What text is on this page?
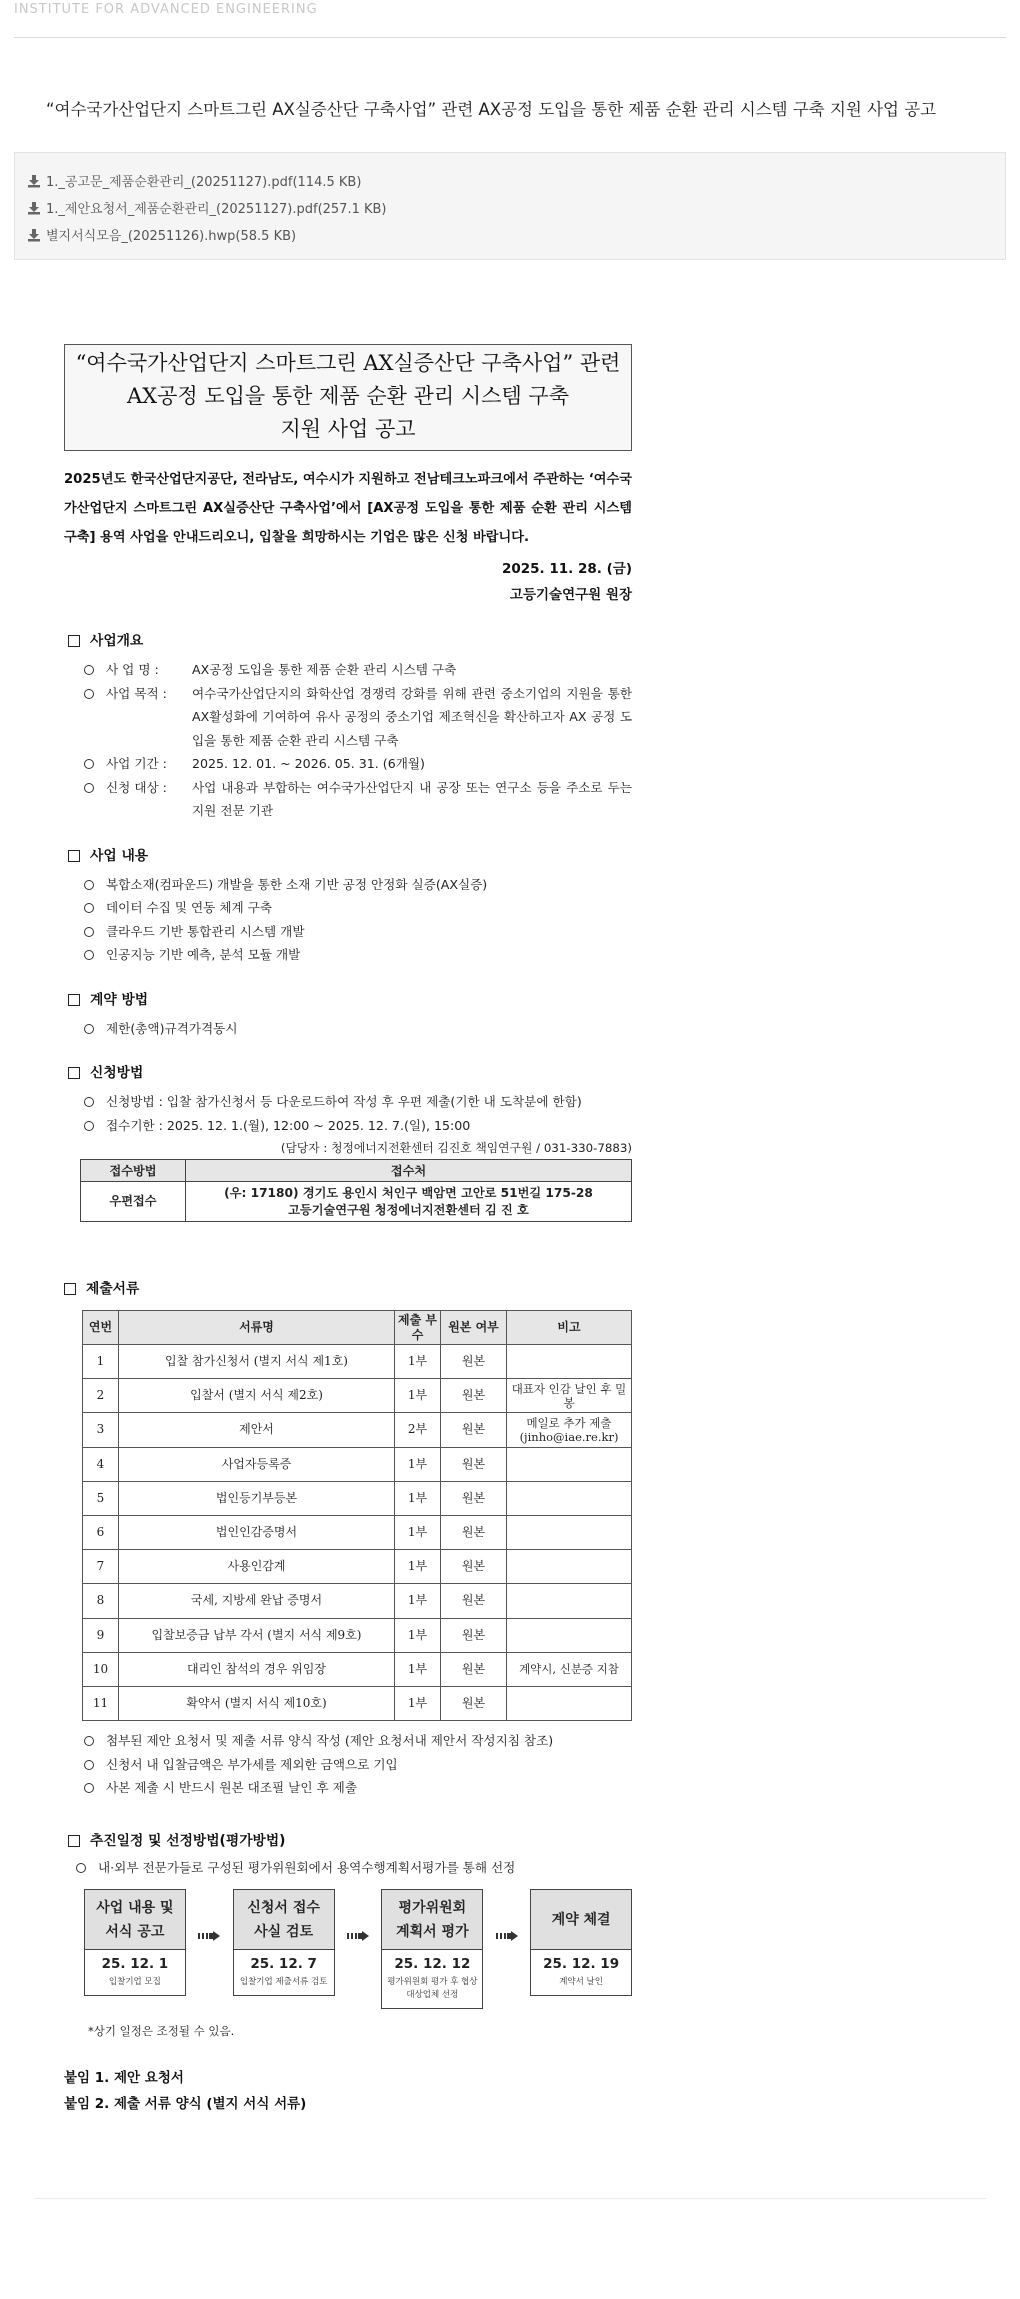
INSTITUTE FOR ADVANCED ENGINEERING
“여수국가산업단지 스마트그린 AX실증산단 구축사업” 관련 AX공정 도입을 통한 제품 순환 관리 시스템 구축 지원 사업 공고
1._공고문_제품순환관리_(20251127).pdf(114.5 KB)
1._제안요청서_제품순환관리_(20251127).pdf(257.1 KB)
별지서식모음_(20251126).hwp(58.5 KB)
“여수국가산업단지 스마트그린 AX실증산단 구축사업” 관련
AX공정 도입을 통한 제품 순환 관리 시스템 구축
지원 사업 공고
2025년도 한국산업단지공단, 전라남도, 여수시가 지원하고 전남테크노파크에서 주관하는 ‘여수국가산업단지 스마트그린 AX실증산단 구축사업’에서 [AX공정 도입을 통한 제품 순환 관리 시스템 구축] 용역 사업을 안내드리오니, 입찰을 희망하시는 기업은 많은 신청 바랍니다.
2025. 11. 28. (금)
고등기술연구원 원장
사업개요
사 업 명 :	AX공정 도입을 통한 제품 순환 관리 시스템 구축
사업 목적 :	여수국가산업단지의 화학산업 경쟁력 강화를 위해 관련 중소기업의 지원을 통한 AX활성화에 기여하여 유사 공정의 중소기업 제조혁신을 확산하고자 AX 공정 도입을 통한 제품 순환 관리 시스템 구축
사업 기간 :	2025. 12. 01. ~ 2026. 05. 31. (6개월)
신청 대상 :	사업 내용과 부합하는 여수국가산업단지 내 공장 또는 연구소 등을 주소로 두는 지원 전문 기관
사업 내용
복합소재(컴파운드) 개발을 통한 소재 기반 공정 안정화 실증(AX실증)
데이터 수집 및 연동 체계 구축
클라우드 기반 통합관리 시스템 개발
인공지능 기반 예측, 분석 모듈 개발
계약 방법
제한(총액)규격가격동시
신청방법
신청방법 : 입찰 참가신청서 등 다운로드하여 작성 후 우편 제출(기한 내 도착분에 한함)
접수기한 : 2025. 12. 1.(월), 12:00 ~ 2025. 12. 7.(일), 15:00
(담당자 : 청정에너지전환센터 김진호 책임연구원 / 031-330-7883)
접수방법	접수처
우편접수	(우: 17180) 경기도 용인시 처인구 백암면 고안로 51번길 175-28
고등기술연구원 청정에너지전환센터 김 진 호
제출서류
연번	서류명	제출 부수	원본 여부	비고
1	입찰 참가신청서 (별지 서식 제1호)	1부	원본	
2	입찰서 (별지 서식 제2호)	1부	원본	대표자 인감 날인 후 밀봉
3	제안서	2부	원본	메일로 추가 제출 (jinho@iae.re.kr)
4	사업자등록증	1부	원본	
5	법인등기부등본	1부	원본	
6	법인인감증명서	1부	원본	
7	사용인감계	1부	원본	
8	국세, 지방세 완납 증명서	1부	원본	
9	입찰보증금 납부 각서 (별지 서식 제9호)	1부	원본	
10	대리인 참석의 경우 위임장	1부	원본	계약시, 신분증 지참
11	확약서 (별지 서식 제10호)	1부	원본	
첨부된 제안 요청서 및 제출 서류 양식 작성 (제안 요청서내 제안서 작성지침 참조)
신청서 내 입찰금액은 부가세를 제외한 금액으로 기입
사본 제출 시 반드시 원본 대조필 날인 후 제출
추진일정 및 선정방법(평가방법)
내·외부 전문가들로 구성된 평가위원회에서 용역수행계획서평가를 통해 선정
사업 내용 및
서식 공고
25. 12. 1
입찰기업 모집
신청서 접수
사실 검토
25. 12. 7
입찰기업 제출서류 검토
평가위원회
계획서 평가
25. 12. 12
평가위원회 평가 후 협상 대상업체 선정
계약 체결
25. 12. 19
계약서 날인
*상기 일정은 조정될 수 있음.
붙임 1. 제안 요청서
붙임 2. 제출 서류 양식 (별지 서식 서류)
